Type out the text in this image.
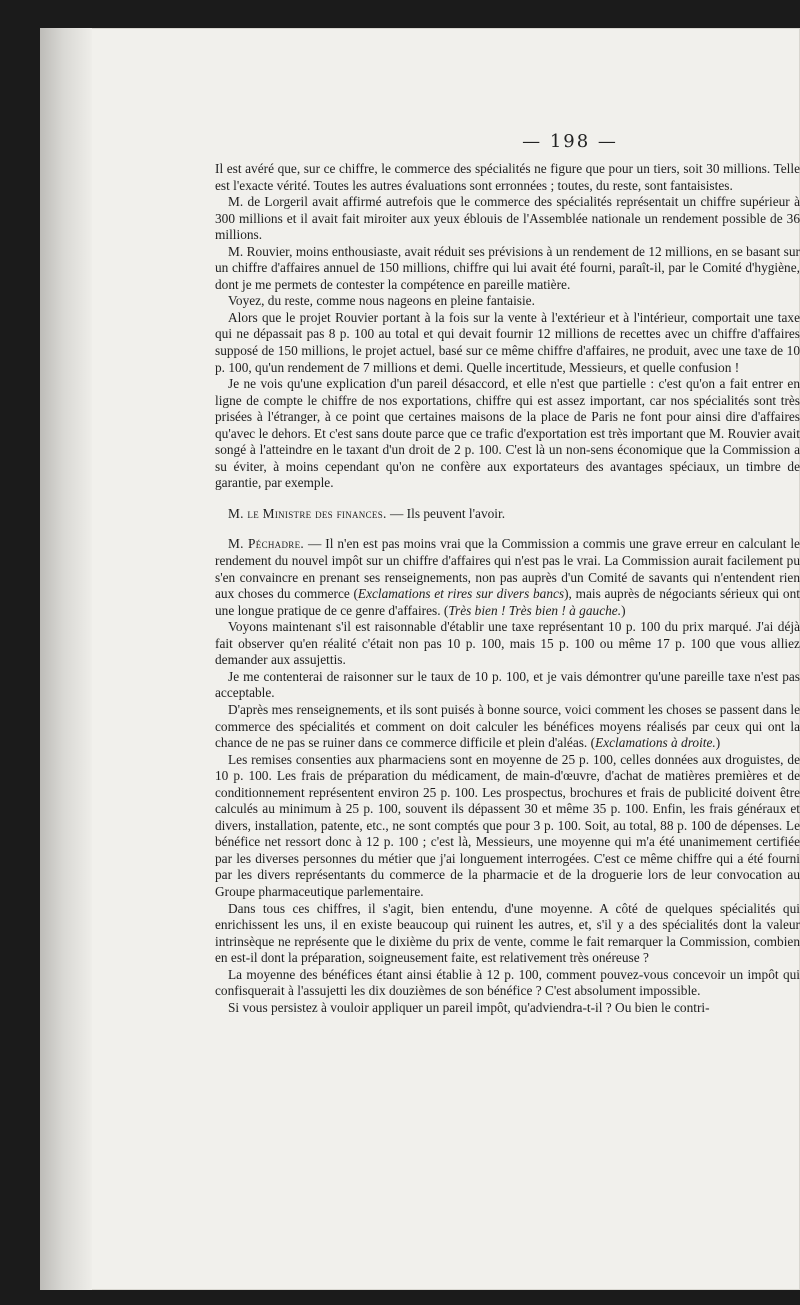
— 198 —

Il est avéré que, sur ce chiffre, le commerce des spécialités ne figure que pour un tiers, soit 30 millions. Telle est l'exacte vérité. Toutes les autres évaluations sont erronnées ; toutes, du reste, sont fantaisistes.

M. de Lorgeril avait affirmé autrefois que le commerce des spécialités représentait un chiffre supérieur à 300 millions et il avait fait miroiter aux yeux éblouis de l'Assemblée nationale un rendement possible de 36 millions.

M. Rouvier, moins enthousiaste, avait réduit ses prévisions à un rendement de 12 millions, en se basant sur un chiffre d'affaires annuel de 150 millions, chiffre qui lui avait été fourni, paraît-il, par le Comité d'hygiène, dont je me permets de contester la compétence en pareille matière.

Voyez, du reste, comme nous nageons en pleine fantaisie.

Alors que le projet Rouvier portant à la fois sur la vente à l'extérieur et à l'intérieur, comportait une taxe qui ne dépassait pas 8 p. 100 au total et qui devait fournir 12 millions de recettes avec un chiffre d'affaires supposé de 150 millions, le projet actuel, basé sur ce même chiffre d'affaires, ne produit, avec une taxe de 10 p. 100, qu'un rendement de 7 millions et demi. Quelle incertitude, Messieurs, et quelle confusion !

Je ne vois qu'une explication d'un pareil désaccord, et elle n'est que partielle : c'est qu'on a fait entrer en ligne de compte le chiffre de nos exportations, chiffre qui est assez important, car nos spécialités sont très prisées à l'étranger, à ce point que certaines maisons de la place de Paris ne font pour ainsi dire d'affaires qu'avec le dehors. Et c'est sans doute parce que ce trafic d'exportation est très important que M. Rouvier avait songé à l'atteindre en le taxant d'un droit de 2 p. 100. C'est là un non-sens économique que la Commission a su éviter, à moins cependant qu'on ne confère aux exportateurs des avantages spéciaux, un timbre de garantie, par exemple.

M. le Ministre des finances. — Ils peuvent l'avoir.

M. Péchadre. — Il n'en est pas moins vrai que la Commission a commis une grave erreur en calculant le rendement du nouvel impôt sur un chiffre d'affaires qui n'est pas le vrai. La Commission aurait facilement pu s'en convaincre en prenant ses renseignements, non pas auprès d'un Comité de savants qui n'entendent rien aux choses du commerce (Exclamations et rires sur divers bancs), mais auprès de négociants sérieux qui ont une longue pratique de ce genre d'affaires. (Très bien ! Très bien ! à gauche.)

Voyons maintenant s'il est raisonnable d'établir une taxe représentant 10 p. 100 du prix marqué. J'ai déjà fait observer qu'en réalité c'était non pas 10 p. 100, mais 15 p. 100 ou même 17 p. 100 que vous alliez demander aux assujettis.

Je me contenterai de raisonner sur le taux de 10 p. 100, et je vais démontrer qu'une pareille taxe n'est pas acceptable.

D'après mes renseignements, et ils sont puisés à bonne source, voici comment les choses se passent dans le commerce des spécialités et comment on doit calculer les bénéfices moyens réalisés par ceux qui ont la chance de ne pas se ruiner dans ce commerce difficile et plein d'aléas. (Exclamations à droite.)

Les remises consenties aux pharmaciens sont en moyenne de 25 p. 100, celles données aux droguistes, de 10 p. 100. Les frais de préparation du médicament, de main-d'œuvre, d'achat de matières premières et de conditionnement représentent environ 25 p. 100. Les prospectus, brochures et frais de publicité doivent être calculés au minimum à 25 p. 100, souvent ils dépassent 30 et même 35 p. 100. Enfin, les frais généraux et divers, installation, patente, etc., ne sont comptés que pour 3 p. 100. Soit, au total, 88 p. 100 de dépenses. Le bénéfice net ressort donc à 12 p. 100 ; c'est là, Messieurs, une moyenne qui m'a été unanimement certifiée par les diverses personnes du métier que j'ai longuement interrogées. C'est ce même chiffre qui a été fourni par les divers représentants du commerce de la pharmacie et de la droguerie lors de leur convocation au Groupe pharmaceutique parlementaire.

Dans tous ces chiffres, il s'agit, bien entendu, d'une moyenne. A côté de quelques spécialités qui enrichissent les uns, il en existe beaucoup qui ruinent les autres, et, s'il y a des spécialités dont la valeur intrinsèque ne représente que le dixième du prix de vente, comme le fait remarquer la Commission, combien en est-il dont la préparation, soigneusement faite, est relativement très onéreuse ?

La moyenne des bénéfices étant ainsi établie à 12 p. 100, comment pouvez-vous concevoir un impôt qui confisquerait à l'assujetti les dix douzièmes de son bénéfice ? C'est absolument impossible.

Si vous persistez à vouloir appliquer un pareil impôt, qu'adviendra-t-il ? Ou bien le contri-
